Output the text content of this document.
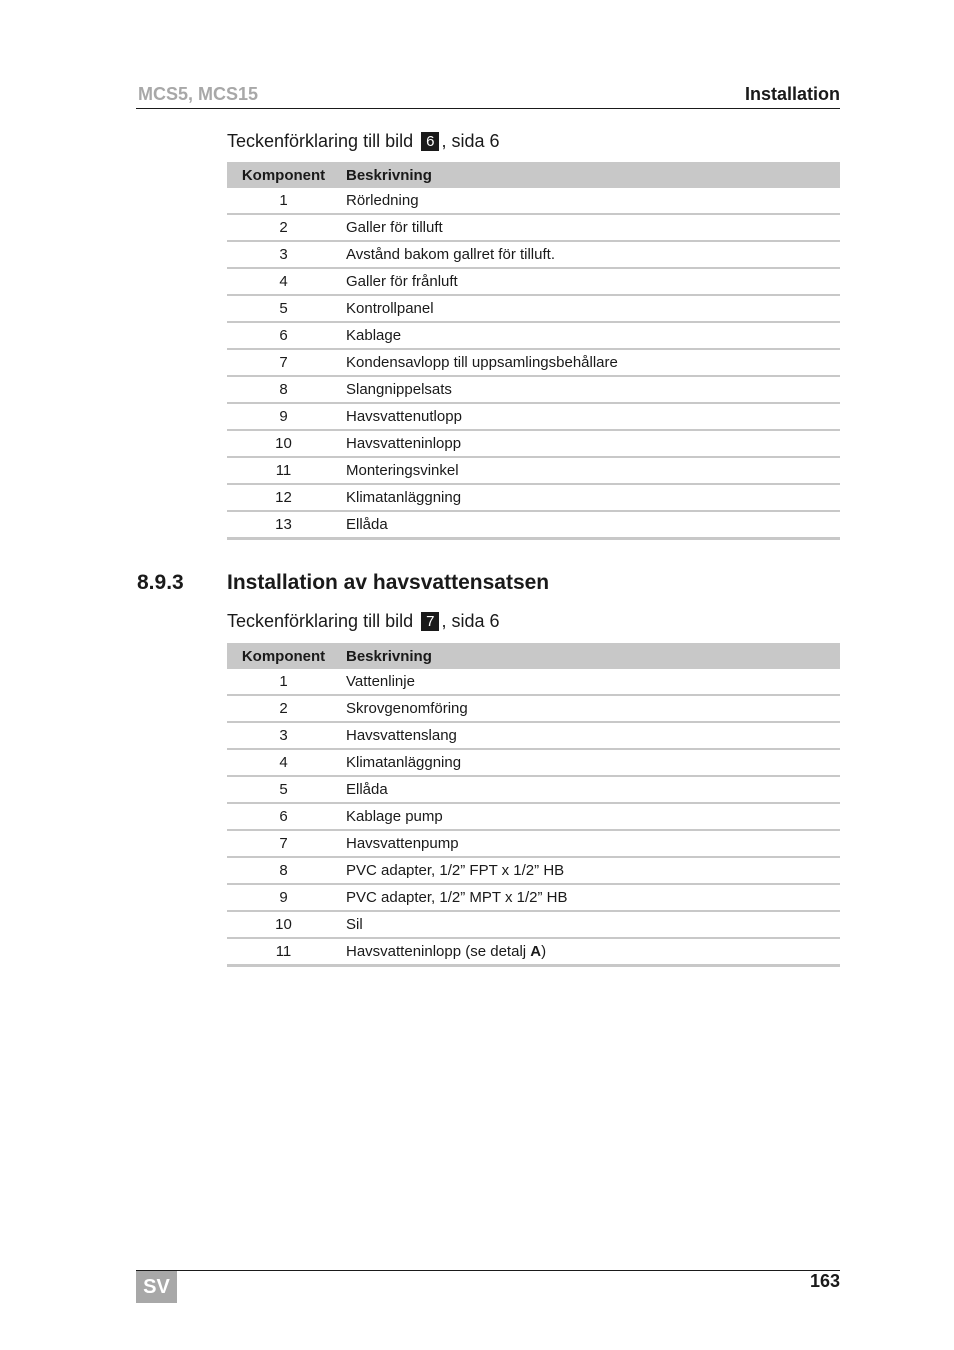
MCS5, MCS15	Installation
Teckenförklaring till bild 6 , sida 6
Komponent	Beskrivning
1	Rörledning
2	Galler för tilluft
3	Avstånd bakom gallret för tilluft.
4	Galler för frånluft
5	Kontrollpanel
6	Kablage
7	Kondensavlopp till uppsamlingsbehållare
8	Slangnippelsats
9	Havsvattenutlopp
10	Havsvatteninlopp
11	Monteringsvinkel
12	Klimatanläggning
13	Ellåda
8.9.3 Installation av havsvattensatsen
Teckenförklaring till bild 7 , sida 6
Komponent	Beskrivning
1	Vattenlinje
2	Skrovgenomföring
3	Havsvattenslang
4	Klimatanläggning
5	Ellåda
6	Kablage pump
7	Havsvattenpump
8	PVC adapter, 1/2” FPT x 1/2” HB
9	PVC adapter, 1/2” MPT x 1/2” HB
10	Sil
11	Havsvatteninlopp (se detalj A)
SV	163
